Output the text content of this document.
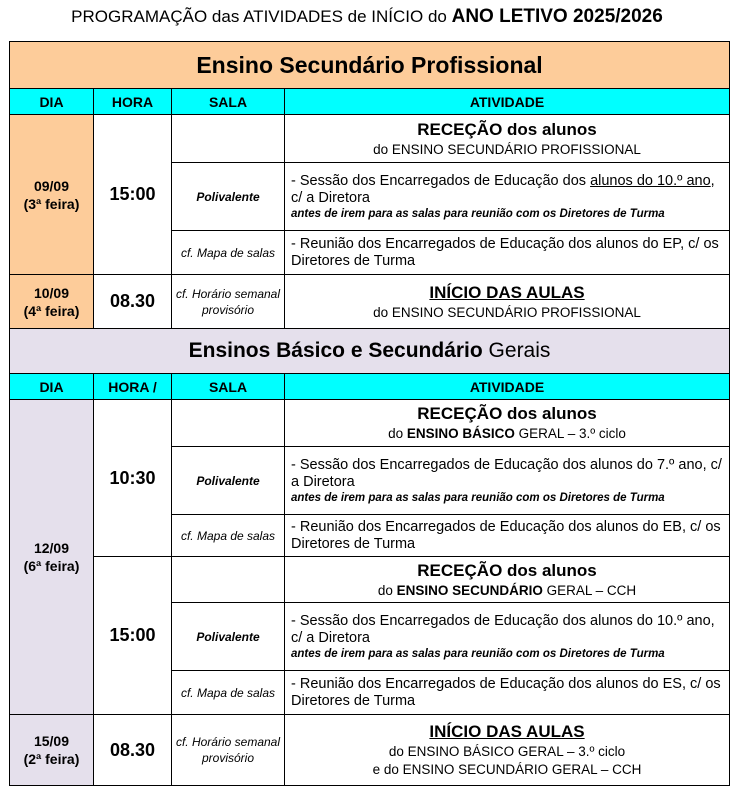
PROGRAMAÇÃO das ATIVIDADES de INÍCIO do ANO LETIVO 2025/2026
Ensino Secundário Profissional			
DIA	HORA	SALA	ATIVIDADE
09/09
(3ª feira)	15:00		RECEÇÃO dos alunos
do ENSINO SECUNDÁRIO PROFISSIONAL

		Polivalente	- Sessão dos Encarregados de Educação dos alunos do 10.º ano, c/ a Diretora
antes de irem para as salas para reunião com os Diretores de Turma

		cf. Mapa de salas	- Reunião dos Encarregados de Educação dos alunos do EP, c/ os Diretores de Turma
10/09
(4ª feira)	08.30	cf. Horário semanal provisório	INÍCIO DAS AULAS
do ENSINO SECUNDÁRIO PROFISSIONAL

Ensinos Básico e Secundário Gerais			
DIA	HORA /	SALA	ATIVIDADE
12/09
(6ª feira)	10:30		RECEÇÃO dos alunos
do ENSINO BÁSICO GERAL – 3.º ciclo

		Polivalente	- Sessão dos Encarregados de Educação dos alunos do 7.º ano, c/ a Diretora
antes de irem para as salas para reunião com os Diretores de Turma

		cf. Mapa de salas	- Reunião dos Encarregados de Educação dos alunos do EB, c/ os Diretores de Turma
	15:00		RECEÇÃO dos alunos
do ENSINO SECUNDÁRIO GERAL – CCH

		Polivalente	- Sessão dos Encarregados de Educação dos alunos do 10.º ano, c/ a Diretora
antes de irem para as salas para reunião com os Diretores de Turma

		cf. Mapa de salas	- Reunião dos Encarregados de Educação dos alunos do ES, c/ os Diretores de Turma
15/09
(2ª feira)	08.30	cf. Horário semanal provisório	INÍCIO DAS AULAS
do ENSINO BÁSICO GERAL – 3.º ciclo
e do ENSINO SECUNDÁRIO GERAL – CCH
